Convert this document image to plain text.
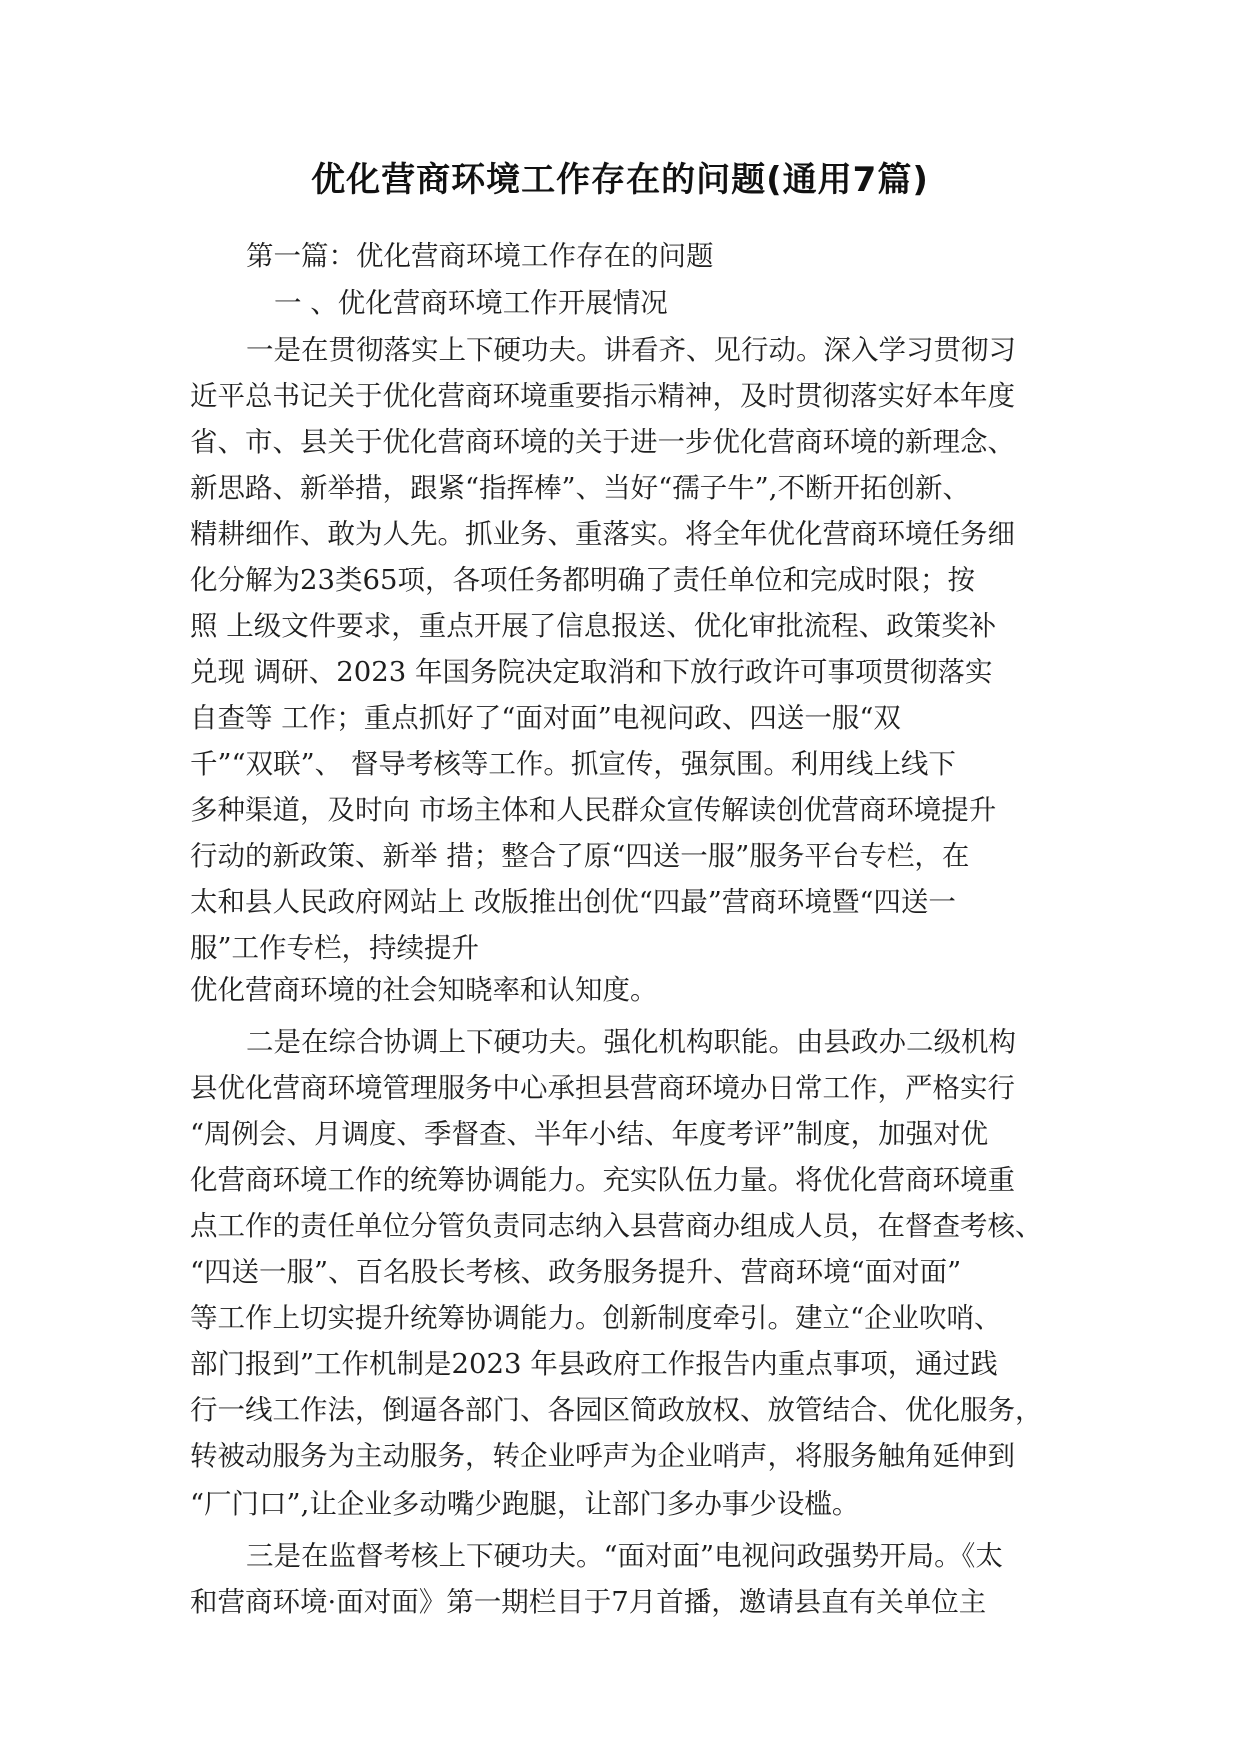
优化营商环境工作存在的问题(通用7篇)
第一篇：优化营商环境工作存在的问题
一 、优化营商环境工作开展情况
一是在贯彻落实上下硬功夫。讲看齐、见行动。深入学习贯彻习
近平总书记关于优化营商环境重要指示精神，及时贯彻落实好本年度
省、市、县关于优化营商环境的关于进一步优化营商环境的新理念、
新思路、新举措，跟紧“指挥棒”、当好“孺子牛”,不断开拓创新、
精耕细作、敢为人先。抓业务、重落实。将全年优化营商环境任务细
化分解为23类65项，各项任务都明确了责任单位和完成时限；按
照 上级文件要求，重点开展了信息报送、优化审批流程、政策奖补
兑现 调研、2023 年国务院决定取消和下放行政许可事项贯彻落实
自查等 工作；重点抓好了“面对面”电视问政、四送一服“双
千”“双联”、 督导考核等工作。抓宣传，强氛围。利用线上线下
多种渠道，及时向 市场主体和人民群众宣传解读创优营商环境提升
行动的新政策、新举 措；整合了原“四送一服”服务平台专栏，在
太和县人民政府网站上 改版推出创优“四最”营商环境暨“四送一
服”工作专栏，持续提升
优化营商环境的社会知晓率和认知度。
二是在综合协调上下硬功夫。强化机构职能。由县政办二级机构
县优化营商环境管理服务中心承担县营商环境办日常工作，严格实行
“周例会、月调度、季督查、半年小结、年度考评”制度，加强对优
化营商环境工作的统筹协调能力。充实队伍力量。将优化营商环境重
点工作的责任单位分管负责同志纳入县营商办组成人员，在督查考核、
“四送一服”、百名股长考核、政务服务提升、营商环境“面对面”
等工作上切实提升统筹协调能力。创新制度牵引。建立“企业吹哨、
部门报到”工作机制是2023 年县政府工作报告内重点事项，通过践
行一线工作法，倒逼各部门、各园区简政放权、放管结合、优化服务，
转被动服务为主动服务，转企业呼声为企业哨声，将服务触角延伸到
“厂门口”,让企业多动嘴少跑腿，让部门多办事少设槛。
三是在监督考核上下硬功夫。“面对面”电视问政强势开局。《太
和营商环境·面对面》第一期栏目于7月首播，邀请县直有关单位主
